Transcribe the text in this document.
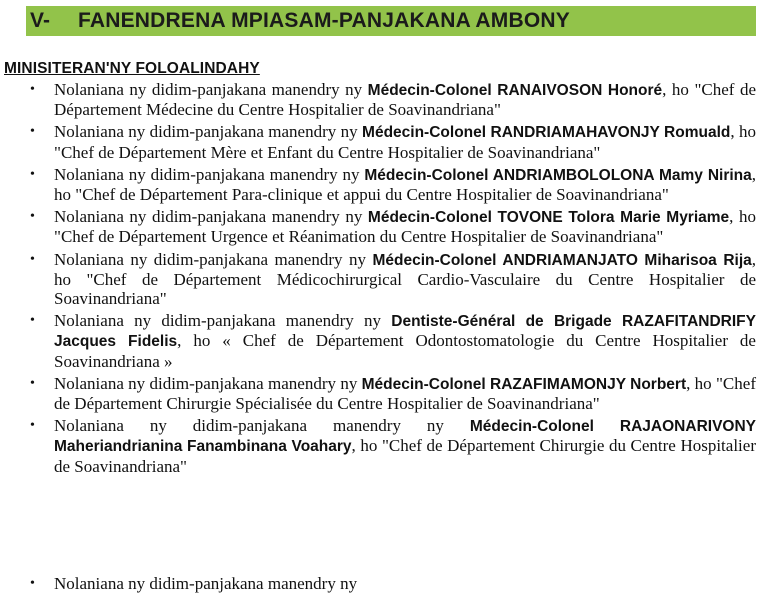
V-	FANENDRENA MPIASAM-PANJAKANA AMBONY
MINISITERAN'NY FOLOALINDAHY
• Nolaniana ny didim-panjakana manendry ny Médecin-Colonel RANAIVOSON Honoré, ho "Chef de Département Médecine du Centre Hospitalier de Soavinandriana"
• Nolaniana ny didim-panjakana manendry ny Médecin-Colonel RANDRIAMAHAVONJY Romuald, ho "Chef de Département Mère et Enfant du Centre Hospitalier de Soavinandriana"
• Nolaniana ny didim-panjakana manendry ny Médecin-Colonel ANDRIAMBOLOLONA Mamy Nirina, ho "Chef de Département Para-clinique et appui du Centre Hospitalier de Soavinandriana"
• Nolaniana ny didim-panjakana manendry ny Médecin-Colonel TOVONE Tolora Marie Myriame, ho "Chef de Département Urgence et Réanimation du Centre Hospitalier de Soavinandriana"
• Nolaniana ny didim-panjakana manendry ny Médecin-Colonel ANDRIAMANJATO Miharisoa Rija, ho "Chef de Département Médicochirurgical Cardio-Vasculaire du Centre Hospitalier de Soavinandriana"
• Nolaniana ny didim-panjakana manendry ny Dentiste-Général de Brigade RAZAFITANDRIFY Jacques Fidelis, ho « Chef de Département Odontostomatologie du Centre Hospitalier de Soavinandriana »
• Nolaniana ny didim-panjakana manendry ny Médecin-Colonel RAZAFIMAMONJY Norbert, ho "Chef de Département Chirurgie Spécialisée du Centre Hospitalier de Soavinandriana"
• Nolaniana ny didim-panjakana manendry ny Médecin-Colonel RAJAONARIVONY Maheriandrianina Fanambinana Voahary, ho "Chef de Département Chirurgie du Centre Hospitalier de Soavinandriana"
• Nolaniana ny didim-panjakana manendry ny
